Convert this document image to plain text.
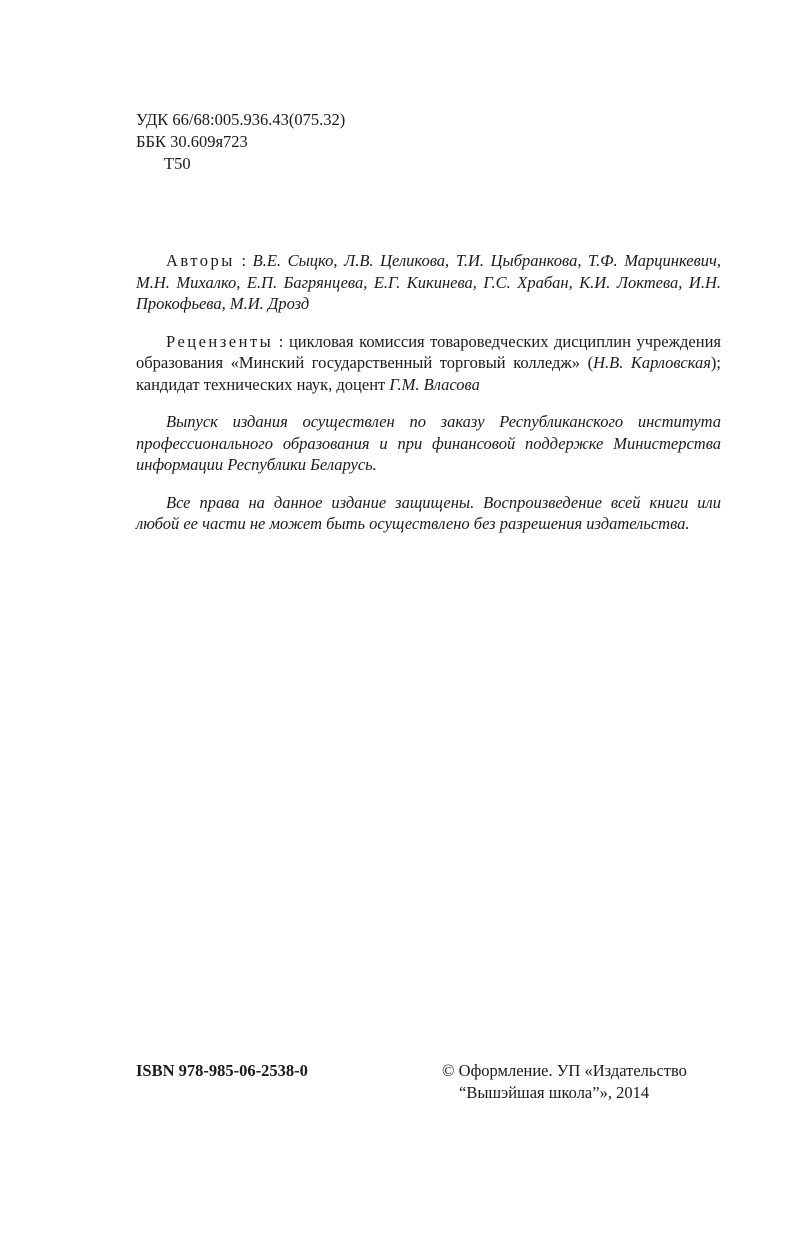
УДК 66/68:005.936.43(075.32)
ББК 30.609я723
Т50

Авторы : В.Е. Сыцко, Л.В. Целикова, Т.И. Цыбранкова, Т.Ф. Марцинкевич, М.Н. Михалко, Е.П. Багрянцева, Е.Г. Кикинева, Г.С. Храбан, К.И. Локтева, И.Н. Прокофьева, М.И. Дрозд

Рецензенты : цикловая комиссия товароведческих дисциплин учреждения образования «Минский государственный торговый колледж» (Н.В. Карловская); кандидат технических наук, доцент Г.М. Власова

Выпуск издания осуществлен по заказу Республиканского института профессионального образования и при финансовой поддержке Министерства информации Республики Беларусь.

Все права на данное издание защищены. Воспроизведение всей книги или любой ее части не может быть осуществлено без разрешения издательства.

ISBN 978-985-06-2538-0	© Оформление. УП «Издательство
“Вышэйшая школа”», 2014
